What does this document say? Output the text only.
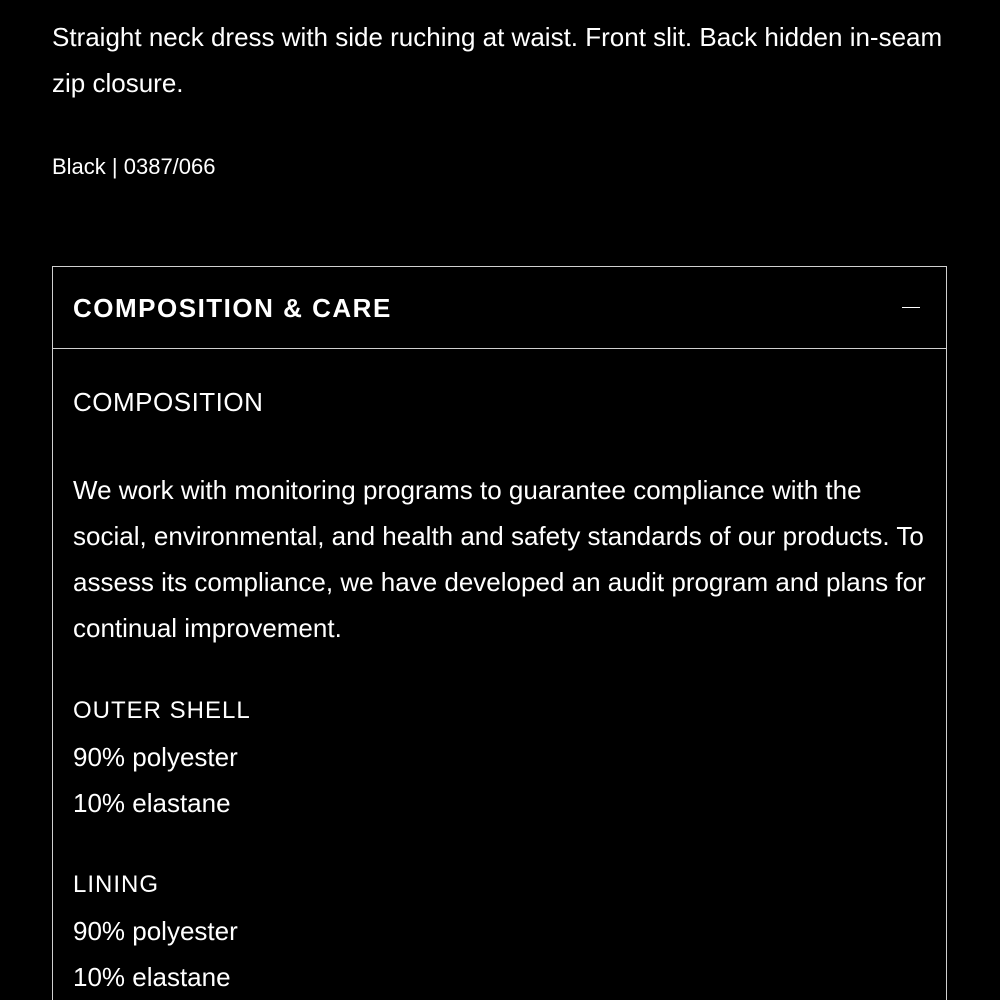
Straight neck dress with side ruching at waist. Front slit. Back hidden in-seam zip closure.

Black | 0387/066

COMPOSITION & CARE

COMPOSITION

We work with monitoring programs to guarantee compliance with the social, environmental, and health and safety standards of our products. To assess its compliance, we have developed an audit program and plans for continual improvement.

OUTER SHELL
90% polyester
10% elastane
LINING
90% polyester
10% elastane
